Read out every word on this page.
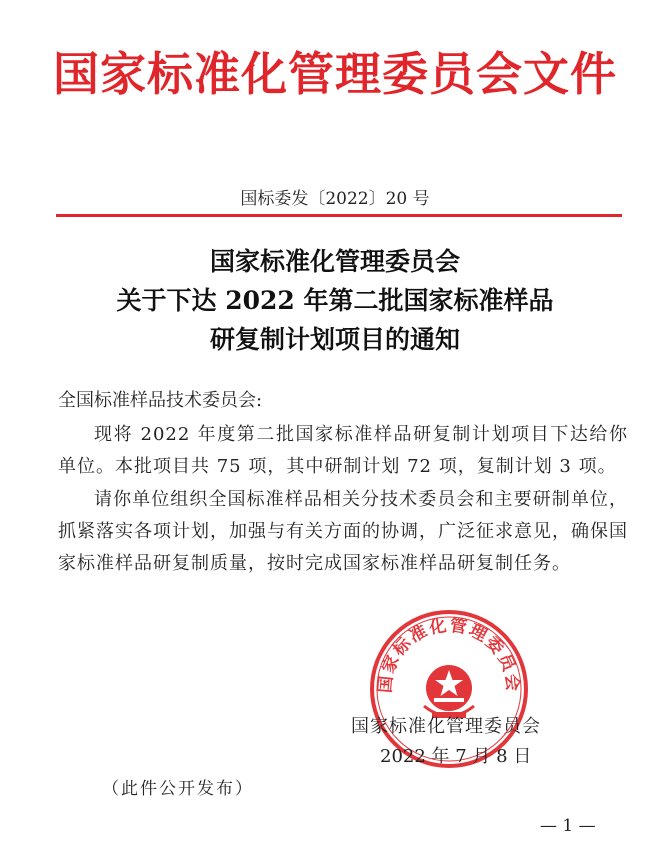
国家标准化管理委员会文件
国标委发〔2022〕20 号
国家标准化管理委员会
关于下达 2022 年第二批国家标准样品
研复制计划项目的通知
全国标准样品技术委员会:
现将 2022 年度第二批国家标准样品研复制计划项目下达给你单位。本批项目共 75 项，其中研制计划 72 项，复制计划 3 项。
请你单位组织全国标准样品相关分技术委员会和主要研制单位，抓紧落实各项计划，加强与有关方面的协调，广泛征求意见，确保国家标准样品研复制质量，按时完成国家标准样品研复制任务。
国家标准化管理委员会
国家标准化管理委员会
2022 年 7 月 8 日
（此件公开发布）
— 1 —
